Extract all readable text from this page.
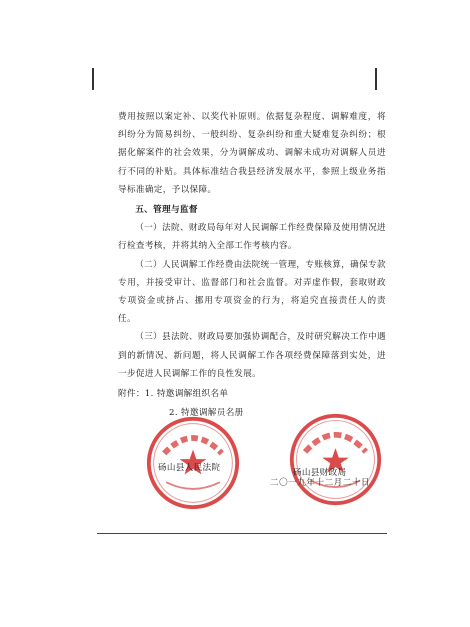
费用按照以案定补、以奖代补原则。依据复杂程度、调解难度，将纠纷分为简易纠纷、一般纠纷、复杂纠纷和重大疑难复杂纠纷；根据化解案件的社会效果，分为调解成功、调解未成功对调解人员进行不同的补贴。具体标准结合我县经济发展水平，参照上级业务指导标准确定，予以保障。

五、管理与监督

（一）法院、财政局每年对人民调解工作经费保障及使用情况进行检查考核，并将其纳入全部工作考核内容。

（二）人民调解工作经费由法院统一管理，专账核算，确保专款专用，并接受审计、监督部门和社会监督。对弄虚作假，套取财政专项资金或挤占、挪用专项资金的行为，将追究直接责任人的责任。

（三）县法院、财政局要加强协调配合，及时研究解决工作中遇到的新情况、新问题，将人民调解工作各项经费保障落到实处，进一步促进人民调解工作的良性发展。

附件：1. 特邀调解组织名单

2. 特邀调解员名册

砀山县人民法院	砀山县财政局
二〇一九年十二月二十日
